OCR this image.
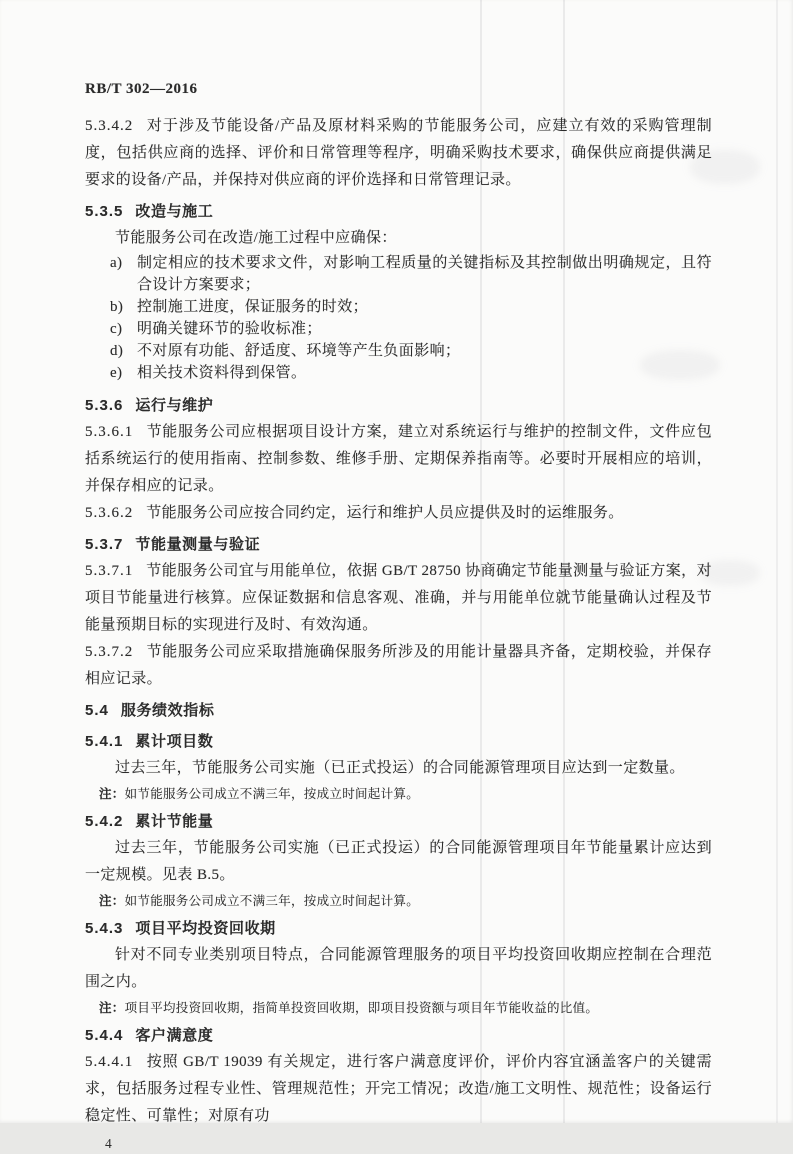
RB/T 302—2016

5.3.4.2 对于涉及节能设备/产品及原材料采购的节能服务公司，应建立有效的采购管理制度，包括供应商的选择、评价和日常管理等程序，明确采购技术要求，确保供应商提供满足要求的设备/产品，并保持对供应商的评价选择和日常管理记录。

5.3.5 改造与施工

节能服务公司在改造/施工过程中应确保：

a) 制定相应的技术要求文件，对影响工程质量的关键指标及其控制做出明确规定，且符合设计方案要求；
b) 控制施工进度，保证服务的时效；
c) 明确关键环节的验收标准；
d) 不对原有功能、舒适度、环境等产生负面影响；
e) 相关技术资料得到保管。

5.3.6 运行与维护

5.3.6.1 节能服务公司应根据项目设计方案，建立对系统运行与维护的控制文件，文件应包括系统运行的使用指南、控制参数、维修手册、定期保养指南等。必要时开展相应的培训，并保存相应的记录。

5.3.6.2 节能服务公司应按合同约定，运行和维护人员应提供及时的运维服务。

5.3.7 节能量测量与验证

5.3.7.1 节能服务公司宜与用能单位，依据 GB/T 28750 协商确定节能量测量与验证方案，对项目节能量进行核算。应保证数据和信息客观、准确，并与用能单位就节能量确认过程及节能量预期目标的实现进行及时、有效沟通。

5.3.7.2 节能服务公司应采取措施确保服务所涉及的用能计量器具齐备，定期校验，并保存相应记录。

5.4 服务绩效指标

5.4.1 累计项目数

过去三年，节能服务公司实施（已正式投运）的合同能源管理项目应达到一定数量。

注：如节能服务公司成立不满三年，按成立时间起计算。

5.4.2 累计节能量

过去三年，节能服务公司实施（已正式投运）的合同能源管理项目年节能量累计应达到一定规模。见表 B.5。

注：如节能服务公司成立不满三年，按成立时间起计算。

5.4.3 项目平均投资回收期

针对不同专业类别项目特点，合同能源管理服务的项目平均投资回收期应控制在合理范围之内。

注：项目平均投资回收期，指简单投资回收期，即项目投资额与项目年节能收益的比值。

5.4.4 客户满意度

5.4.4.1 按照 GB/T 19039 有关规定，进行客户满意度评价，评价内容宜涵盖客户的关键需求，包括服务过程专业性、管理规范性；开完工情况；改造/施工文明性、规范性；设备运行稳定性、可靠性；对原有功

4
